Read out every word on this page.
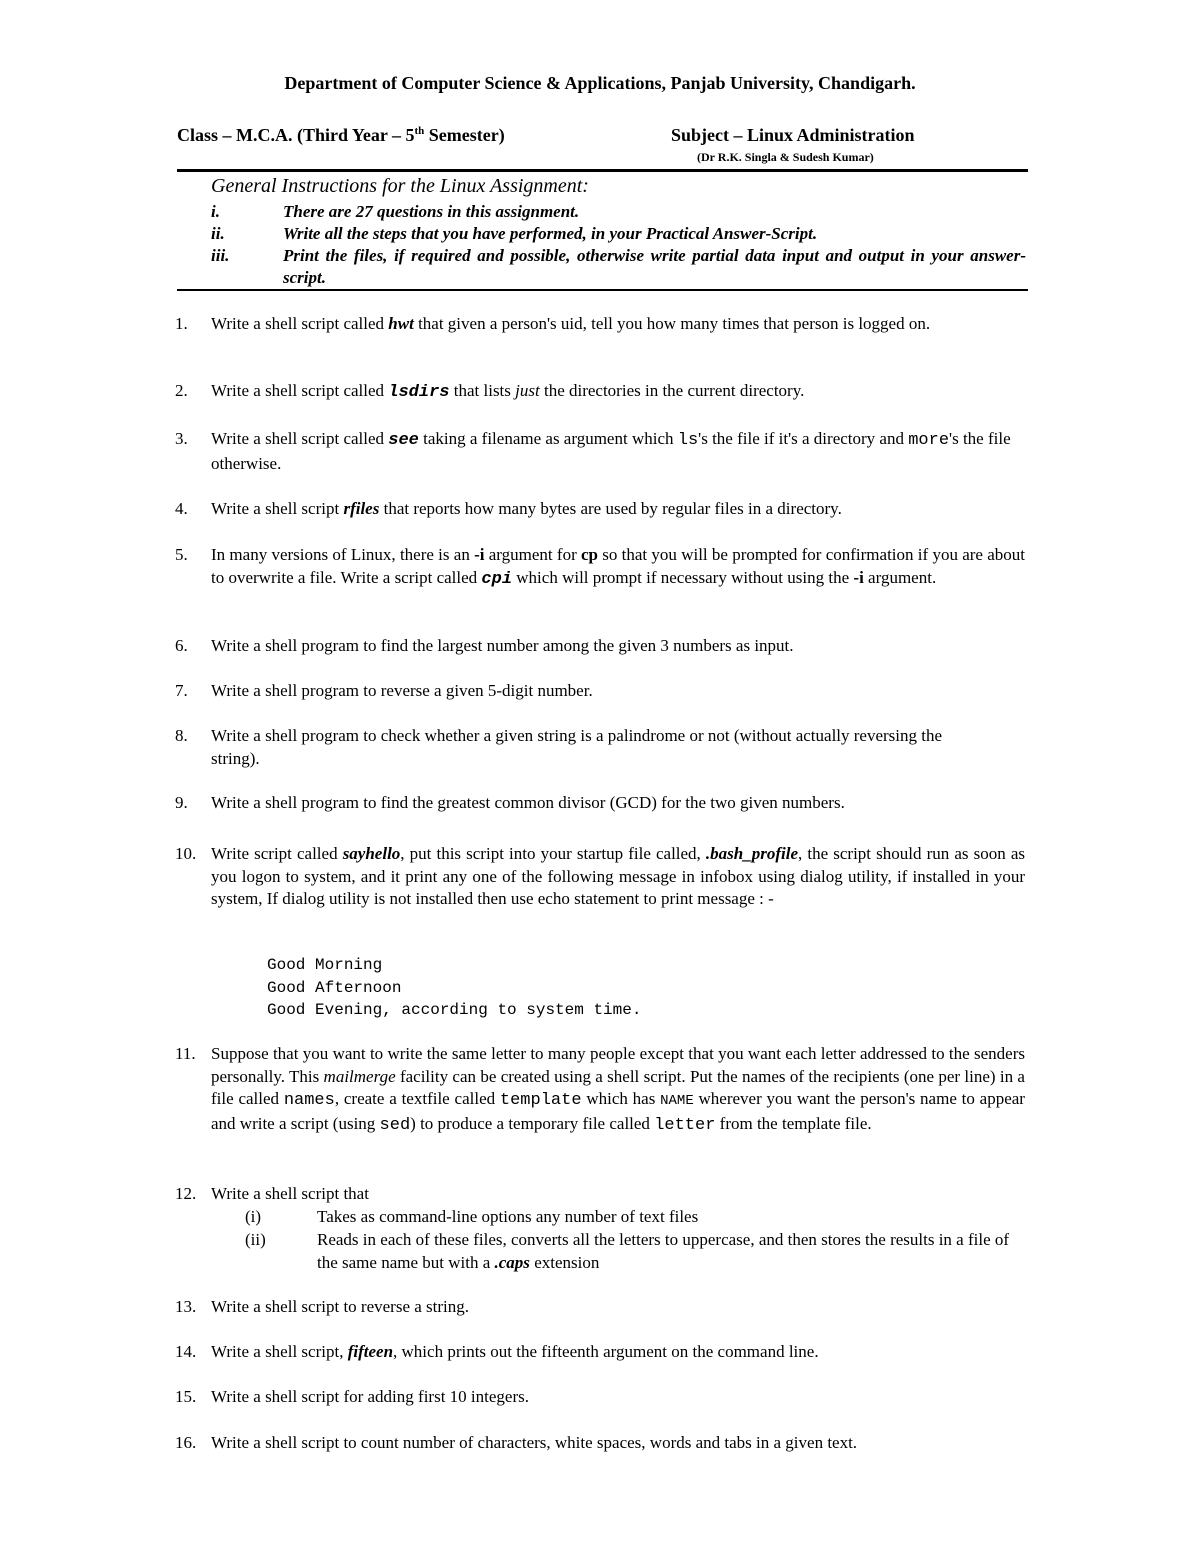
Department of Computer Science & Applications, Panjab University, Chandigarh.
Class – M.C.A. (Third Year – 5th Semester)	Subject – Linux Administration
(Dr R.K. Singla & Sudesh Kumar)
General Instructions for the Linux Assignment:
i.	There are 27 questions in this assignment.
ii.	Write all the steps that you have performed, in your Practical Answer-Script.
iii.	Print the files, if required and possible, otherwise write partial data input and output in your answer-script.
1. Write a shell script called hwt that given a person's uid, tell you how many times that person is logged on.
2. Write a shell script called lsdirs that lists just the directories in the current directory.
3. Write a shell script called see taking a filename as argument which ls's the file if it's a directory and more's the file otherwise.
4. Write a shell script rfiles that reports how many bytes are used by regular files in a directory.
5. In many versions of Linux, there is an -i argument for cp so that you will be prompted for confirmation if you are about to overwrite a file. Write a script called cpi which will prompt if necessary without using the -i argument.
6. Write a shell program to find the largest number among the given 3 numbers as input.
7. Write a shell program to reverse a given 5-digit number.
8. Write a shell program to check whether a given string is a palindrome or not (without actually reversing the string).
9. Write a shell program to find the greatest common divisor (GCD) for the two given numbers.
10. Write script called sayhello, put this script into your startup file called, .bash_profile, the script should run as soon as you logon to system, and it print any one of the following message in infobox using dialog utility, if installed in your system, If dialog utility is not installed then use echo statement to print message : -
Good Morning
Good Afternoon
Good Evening, according to system time.
11. Suppose that you want to write the same letter to many people except that you want each letter addressed to the senders personally. This mailmerge facility can be created using a shell script. Put the names of the recipients (one per line) in a file called names, create a textfile called template which has NAME wherever you want the person's name to appear and write a script (using sed) to produce a temporary file called letter from the template file.
12. Write a shell script that
(i)	Takes as command-line options any number of text files
(ii)	Reads in each of these files, converts all the letters to uppercase, and then stores the results in a file of the same name but with a .caps extension
13. Write a shell script to reverse a string.
14. Write a shell script, fifteen, which prints out the fifteenth argument on the command line.
15. Write a shell script for adding first 10 integers.
16. Write a shell script to count number of characters, white spaces, words and tabs in a given text.
